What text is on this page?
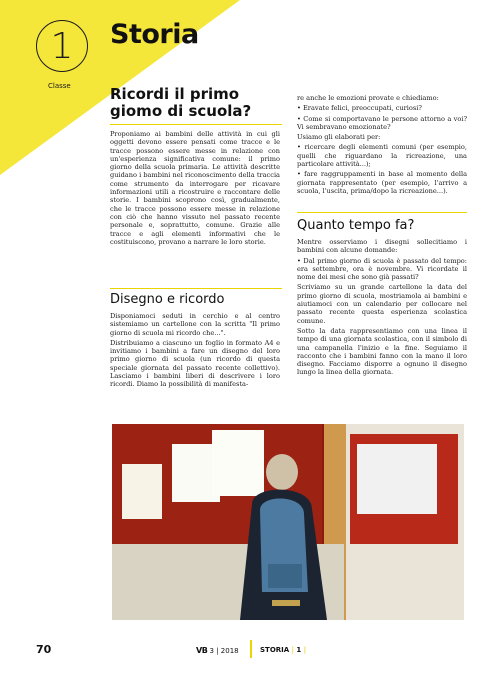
1
Classe
Storia
Ricordi il primo giomo di scuola?

Proponiamo ai bambini delle attività in cui gli oggetti devono essere pensati come tracce e le tracce possono essere messe in relazione con un'esperienza significativa comune: il primo giorno della scuola primaria. Le attività descritte guidano i bambini nel riconoscimento della traccia come strumento da interrogare per ricavare informazioni utili a ricostruire e raccontare delle storie. I bambini scoprono così, gradualmente, che le tracce possono essere messe in relazione con ciò che hanno vissuto nel passato recente personale e, soprattutto, comune. Grazie alle tracce e agli elementi informativi che le costituiscono, provano a narrare le loro storie.

Disegno e ricordo

Disponiamoci seduti in cerchio e al centro sistemiamo un cartellone con la scritta "Il primo giorno di scuola mi ricordo che...".

Distribuiamo a ciascuno un foglio in formato A4 e invitiamo i bambini a fare un disegno del loro primo giorno di scuola (un ricordo di questa speciale giornata del passato recente collettivo). Lasciamo i bambini liberi di descrivere i loro ricordi. Diamo la possibilità di manifesta-

re anche le emozioni provate e chiediamo:

• Eravate felici, preoccupati, curiosi?

• Come si comportavano le persone attorno a voi? Vi sembravano emozionate?

Usiamo gli elaborati per:

• ricercare degli elementi comuni (per esempio, quelli che riguardano la ricreazione, una particolare attività...);

• fare raggruppamenti in base al momento della giornata rappresentato (per esempio, l'arrivo a scuola, l'uscita, prima/dopo la ricreazione...).

Quanto tempo fa?

Mentre osserviamo i disegni sollecitiamo i bambini con alcune domande:

• Dal primo giorno di scuola è passato del tempo: era settembre, ora è novembre. Vi ricordate il nome dei mesi che sono già passati?

Scriviamo su un grande cartellone la data del primo giorno di scuola, mostriamola ai bambini e aiutiamoci con un calendario per collocare nel passato recente questa esperienza scolastica comune.

Sotto la data rappresentiamo con una linea il tempo di una giornata scolastica, con il simbolo di una campanella l'inizio e la fine. Seguiamo il racconto che i bambini fanno con la mano il loro disegno. Facciamo disporre a ognuno il disegno lungo la linea della giornata.

70	VB 3 | 2018	STORIA | 1 |
